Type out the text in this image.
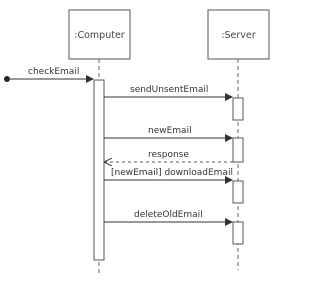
:Computer	:Server
checkEmail
sendUnsentEmail
newEmail
response
[newEmail] downloadEmail
deleteOldEmail
